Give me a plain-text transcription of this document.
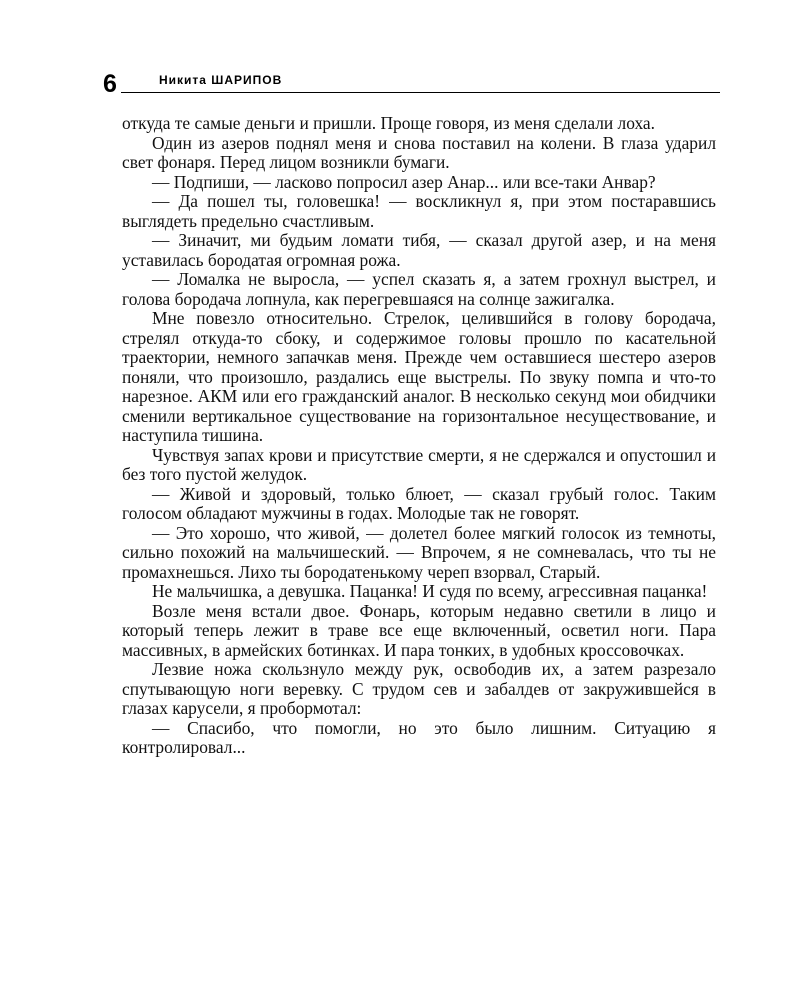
6	Никита ШАРИПОВ

откуда те самые деньги и пришли. Проще говоря, из меня сделали лоха.

Один из азеров поднял меня и снова поставил на колени. В глаза ударил свет фонаря. Перед лицом возникли бумаги.

— Подпиши, — ласково попросил азер Анар... или все-таки Анвар?

— Да пошел ты, головешка! — воскликнул я, при этом постаравшись выглядеть предельно счастливым.

— Зиначит, ми будьим ломати тибя, — сказал другой азер, и на меня уставилась бородатая огромная рожа.

— Ломалка не выросла, — успел сказать я, а затем грохнул выстрел, и голова бородача лопнула, как перегревшаяся на солнце зажигалка.

Мне повезло относительно. Стрелок, целившийся в голову бородача, стрелял откуда-то сбоку, и содержимое головы прошло по касательной траектории, немного запачкав меня. Прежде чем оставшиеся шестеро азеров поняли, что произошло, раздались еще выстрелы. По звуку помпа и что-то нарезное. АКМ или его гражданский аналог. В несколько секунд мои обидчики сменили вертикальное существование на горизонтальное несуществование, и наступила тишина.

Чувствуя запах крови и присутствие смерти, я не сдержался и опустошил и без того пустой желудок.

— Живой и здоровый, только блюет, — сказал грубый голос. Таким голосом обладают мужчины в годах. Молодые так не говорят.

— Это хорошо, что живой, — долетел более мягкий голосок из темноты, сильно похожий на мальчишеский. — Впрочем, я не сомневалась, что ты не промахнешься. Лихо ты бородатенькому череп взорвал, Старый.

Не мальчишка, а девушка. Пацанка! И судя по всему, агрессивная пацанка!

Возле меня встали двое. Фонарь, которым недавно светили в лицо и который теперь лежит в траве все еще включенный, осветил ноги. Пара массивных, в армейских ботинках. И пара тонких, в удобных кроссовочках.

Лезвие ножа скользнуло между рук, освободив их, а затем разрезало спутывающую ноги веревку. С трудом сев и забалдев от закружившейся в глазах карусели, я пробормотал:

— Спасибо, что помогли, но это было лишним. Ситуацию я контролировал...
